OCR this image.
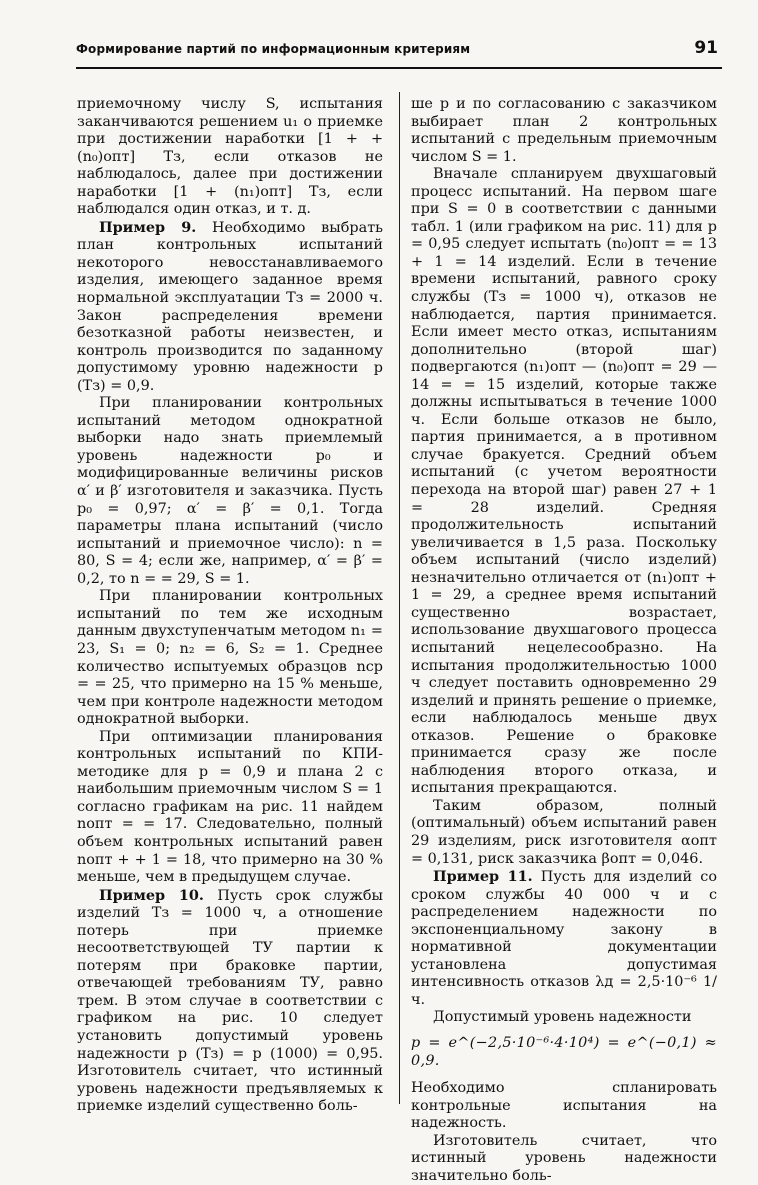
Формирование партий по информационным критериям	91

приемочному числу S, испытания заканчиваются решением u₁ о приемке при достижении наработки [1 + + (n₀)опт] Tз, если отказов не наблюдалось, далее при достижении наработки [1 + (n₁)опт] Tз, если наблюдался один отказ, и т. д.

Пример 9. Необходимо выбрать план контрольных испытаний некоторого невосстанавливаемого изделия, имеющего заданное время нормальной эксплуатации Tз = 2000 ч. Закон распределения времени безотказной работы неизвестен, и контроль производится по заданному допустимому уровню надежности p (Tз) = 0,9.

При планировании контрольных испытаний методом однократной выборки надо знать приемлемый уровень надежности p₀ и модифицированные величины рисков α′ и β′ изготовителя и заказчика. Пусть p₀ = 0,97; α′ = β′ = 0,1. Тогда параметры плана испытаний (число испытаний и приемочное число): n = 80, S = 4; если же, например, α′ = β′ = 0,2, то n = = 29, S = 1.

При планировании контрольных испытаний по тем же исходным данным двухступенчатым методом n₁ = 23, S₁ = 0; n₂ = 6, S₂ = 1. Среднее количество испытуемых образцов nср = = 25, что примерно на 15 % меньше, чем при контроле надежности методом однократной выборки.

При оптимизации планирования контрольных испытаний по КПИ-методике для p = 0,9 и плана 2 с наибольшим приемочным числом S = 1 согласно графикам на рис. 11 найдем nопт = = 17. Следовательно, полный объем контрольных испытаний равен nопт + + 1 = 18, что примерно на 30 % меньше, чем в предыдущем случае.

Пример 10. Пусть срок службы изделий Tз = 1000 ч, а отношение потерь при приемке несоответствующей ТУ партии к потерям при браковке партии, отвечающей требованиям ТУ, равно трем. В этом случае в соответствии с графиком на рис. 10 следует установить допустимый уровень надежности p (Tз) = p (1000) = 0,95. Изготовитель считает, что истинный уровень надежности предъявляемых к приемке изделий существенно боль-

ше p и по согласованию с заказчиком выбирает план 2 контрольных испытаний с предельным приемочным числом S = 1.

Вначале спланируем двухшаговый процесс испытаний. На первом шаге при S = 0 в соответствии с данными табл. 1 (или графиком на рис. 11) для p = 0,95 следует испытать (n₀)опт = = 13 + 1 = 14 изделий. Если в течение времени испытаний, равного сроку службы (Tз = 1000 ч), отказов не наблюдается, партия принимается. Если имеет место отказ, испытаниям дополнительно (второй шаг) подвергаются (n₁)опт — (n₀)опт = 29 — 14 = = 15 изделий, которые также должны испытываться в течение 1000 ч. Если больше отказов не было, партия принимается, а в противном случае бракуется. Средний объем испытаний (с учетом вероятности перехода на второй шаг) равен 27 + 1 = 28 изделий. Средняя продолжительность испытаний увеличивается в 1,5 раза. Поскольку объем испытаний (число изделий) незначительно отличается от (n₁)опт + 1 = 29, а среднее время испытаний существенно возрастает, использование двухшагового процесса испытаний нецелесообразно. На испытания продолжительностью 1000 ч следует поставить одновременно 29 изделий и принять решение о приемке, если наблюдалось меньше двух отказов. Решение о браковке принимается сразу же после наблюдения второго отказа, и испытания прекращаются.

Таким образом, полный (оптимальный) объем испытаний равен 29 изделиям, риск изготовителя αопт = 0,131, риск заказчика βопт = 0,046.

Пример 11. Пусть для изделий со сроком службы 40 000 ч и с распределением надежности по экспоненциальному закону в нормативной документации установлена допустимая интенсивность отказов λд = 2,5·10⁻⁶ 1/ч.

Допустимый уровень надежности

p = e^(−2,5·10⁻⁶·4·10⁴) = e^(−0,1) ≈ 0,9.

Необходимо спланировать контрольные испытания на надежность.

Изготовитель считает, что истинный уровень надежности значительно боль-
